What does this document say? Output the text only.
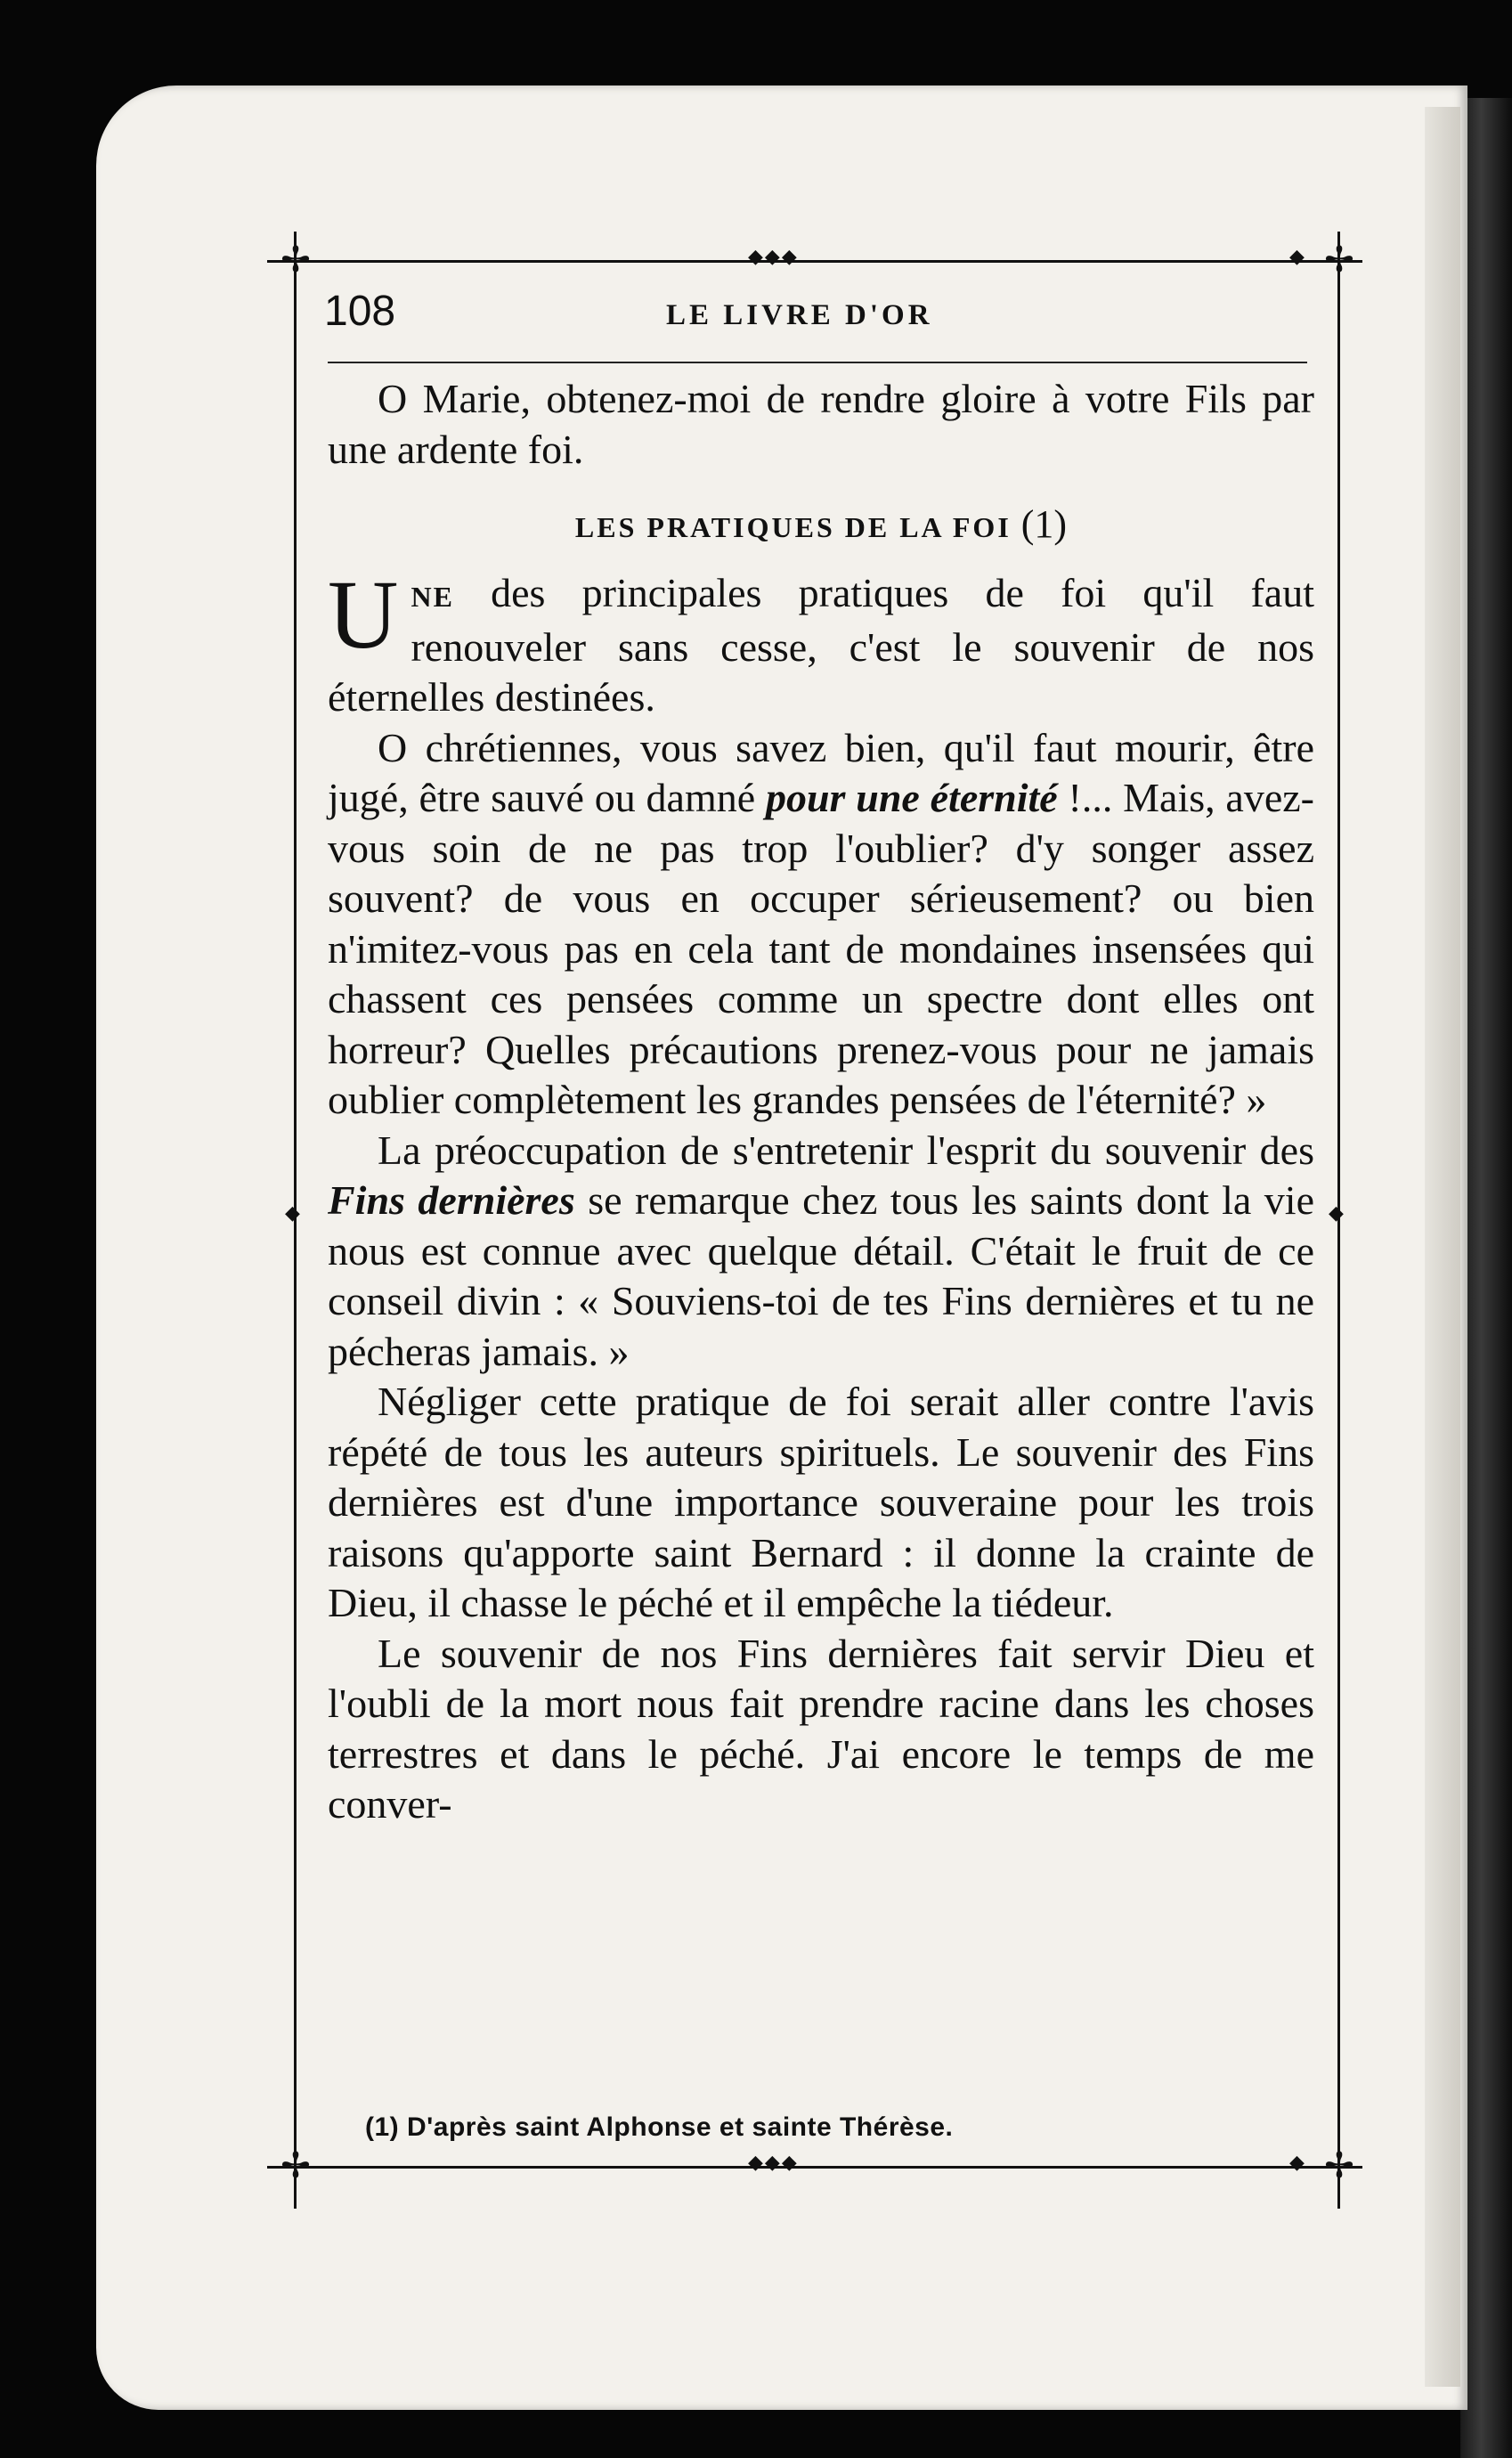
✢	✢
✢	✢
◆◆◆
◆◆◆
◆
◆
◆	◆
108	LE LIVRE D'OR

O Marie, obtenez-moi de rendre gloire à votre Fils par une ardente foi.

LES PRATIQUES DE LA FOI (1)

UNE des principales pratiques de foi qu'il faut renouveler sans cesse, c'est le souvenir de nos éternelles destinées.

O chrétiennes, vous savez bien, qu'il faut mourir, être jugé, être sauvé ou damné pour une éternité !... Mais, avez-vous soin de ne pas trop l'oublier? d'y songer assez souvent? de vous en occuper sérieusement? ou bien n'imitez-vous pas en cela tant de mondaines insensées qui chassent ces pensées comme un spectre dont elles ont horreur? Quelles précautions prenez-vous pour ne jamais oublier complètement les grandes pensées de l'éternité? »

La préoccupation de s'entretenir l'esprit du souvenir des Fins dernières se remarque chez tous les saints dont la vie nous est connue avec quelque détail. C'était le fruit de ce conseil divin : « Souviens-toi de tes Fins dernières et tu ne pécheras jamais. »

Négliger cette pratique de foi serait aller contre l'avis répété de tous les auteurs spirituels. Le souvenir des Fins dernières est d'une importance souveraine pour les trois raisons qu'apporte saint Bernard : il donne la crainte de Dieu, il chasse le péché et il empêche la tiédeur.

Le souvenir de nos Fins dernières fait servir Dieu et l'oubli de la mort nous fait prendre racine dans les choses terrestres et dans le péché. J'ai encore le temps de me conver-

(1) D'après saint Alphonse et sainte Thérèse.
